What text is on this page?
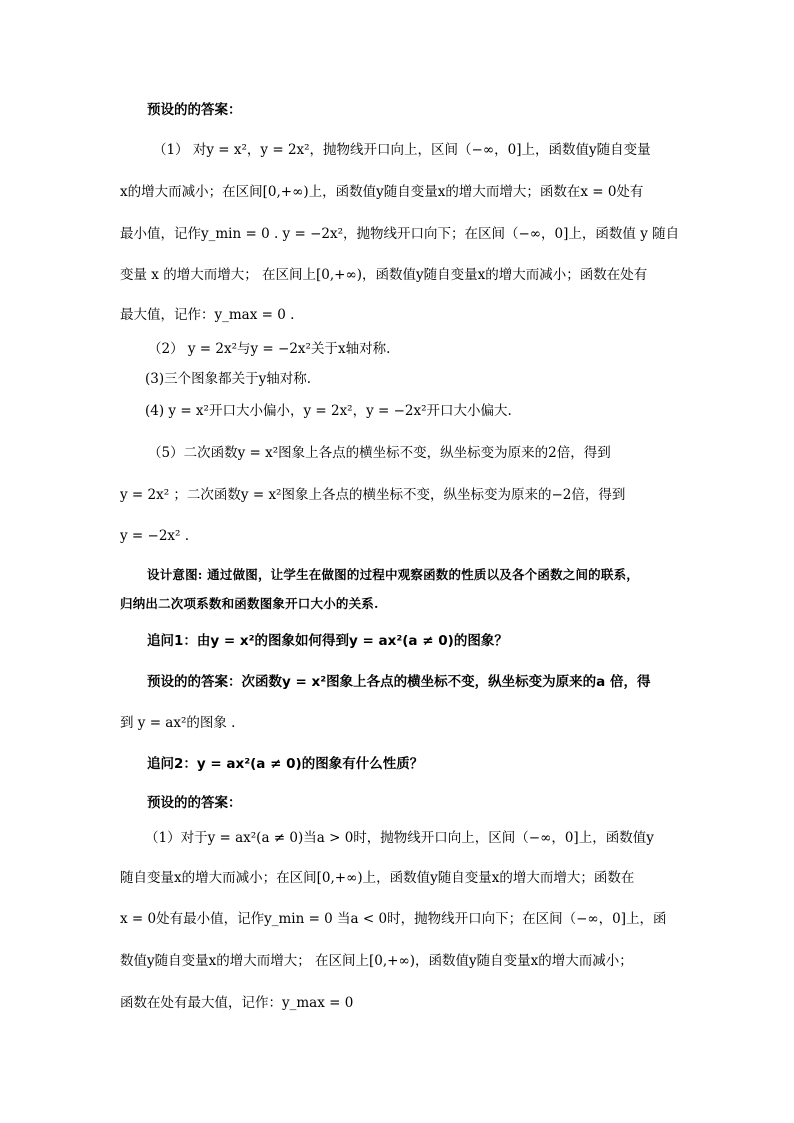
预设的的答案：
（1） 对y = x²，y = 2x²，抛物线开口向上，区间（−∞，0]上，函数值y随自变量
x的增大而减小；在区间[0,+∞)上，函数值y随自变量x的增大而增大；函数在x = 0处有
最小值，记作y_min = 0 . y = −2x²，抛物线开口向下；在区间（−∞，0]上，函数值 y 随自
变量 x 的增大而增大； 在区间上[0,+∞)，函数值y随自变量x的增大而减小；函数在处有
最大值，记作：y_max = 0 .
（2） y = 2x²与y = −2x²关于x轴对称.
(3)三个图象都关于y轴对称.
(4) y = x²开口大小偏小，y = 2x²，y = −2x²开口大小偏大.
（5）二次函数y = x²图象上各点的横坐标不变，纵坐标变为原来的2倍，得到
y = 2x² ；二次函数y = x²图象上各点的横坐标不变，纵坐标变为原来的−2倍，得到
y = −2x² .
设计意图: 通过做图，让学生在做图的过程中观察函数的性质以及各个函数之间的联系，
归纳出二次项系数和函数图象开口大小的关系.
追问1：由y = x²的图象如何得到y = ax²(a ≠ 0)的图象？
预设的的答案：次函数y = x²图象上各点的横坐标不变，纵坐标变为原来的a 倍，得
到 y = ax²的图象 .
追问2：y = ax²(a ≠ 0)的图象有什么性质？
预设的的答案：
（1）对于y = ax²(a ≠ 0)当a > 0时，抛物线开口向上，区间（−∞，0]上，函数值y
随自变量x的增大而减小；在区间[0,+∞)上，函数值y随自变量x的增大而增大；函数在
x = 0处有最小值，记作y_min = 0 当a < 0时，抛物线开口向下；在区间（−∞，0]上，函
数值y随自变量x的增大而增大； 在区间上[0,+∞)，函数值y随自变量x的增大而减小；
函数在处有最大值，记作：y_max = 0
